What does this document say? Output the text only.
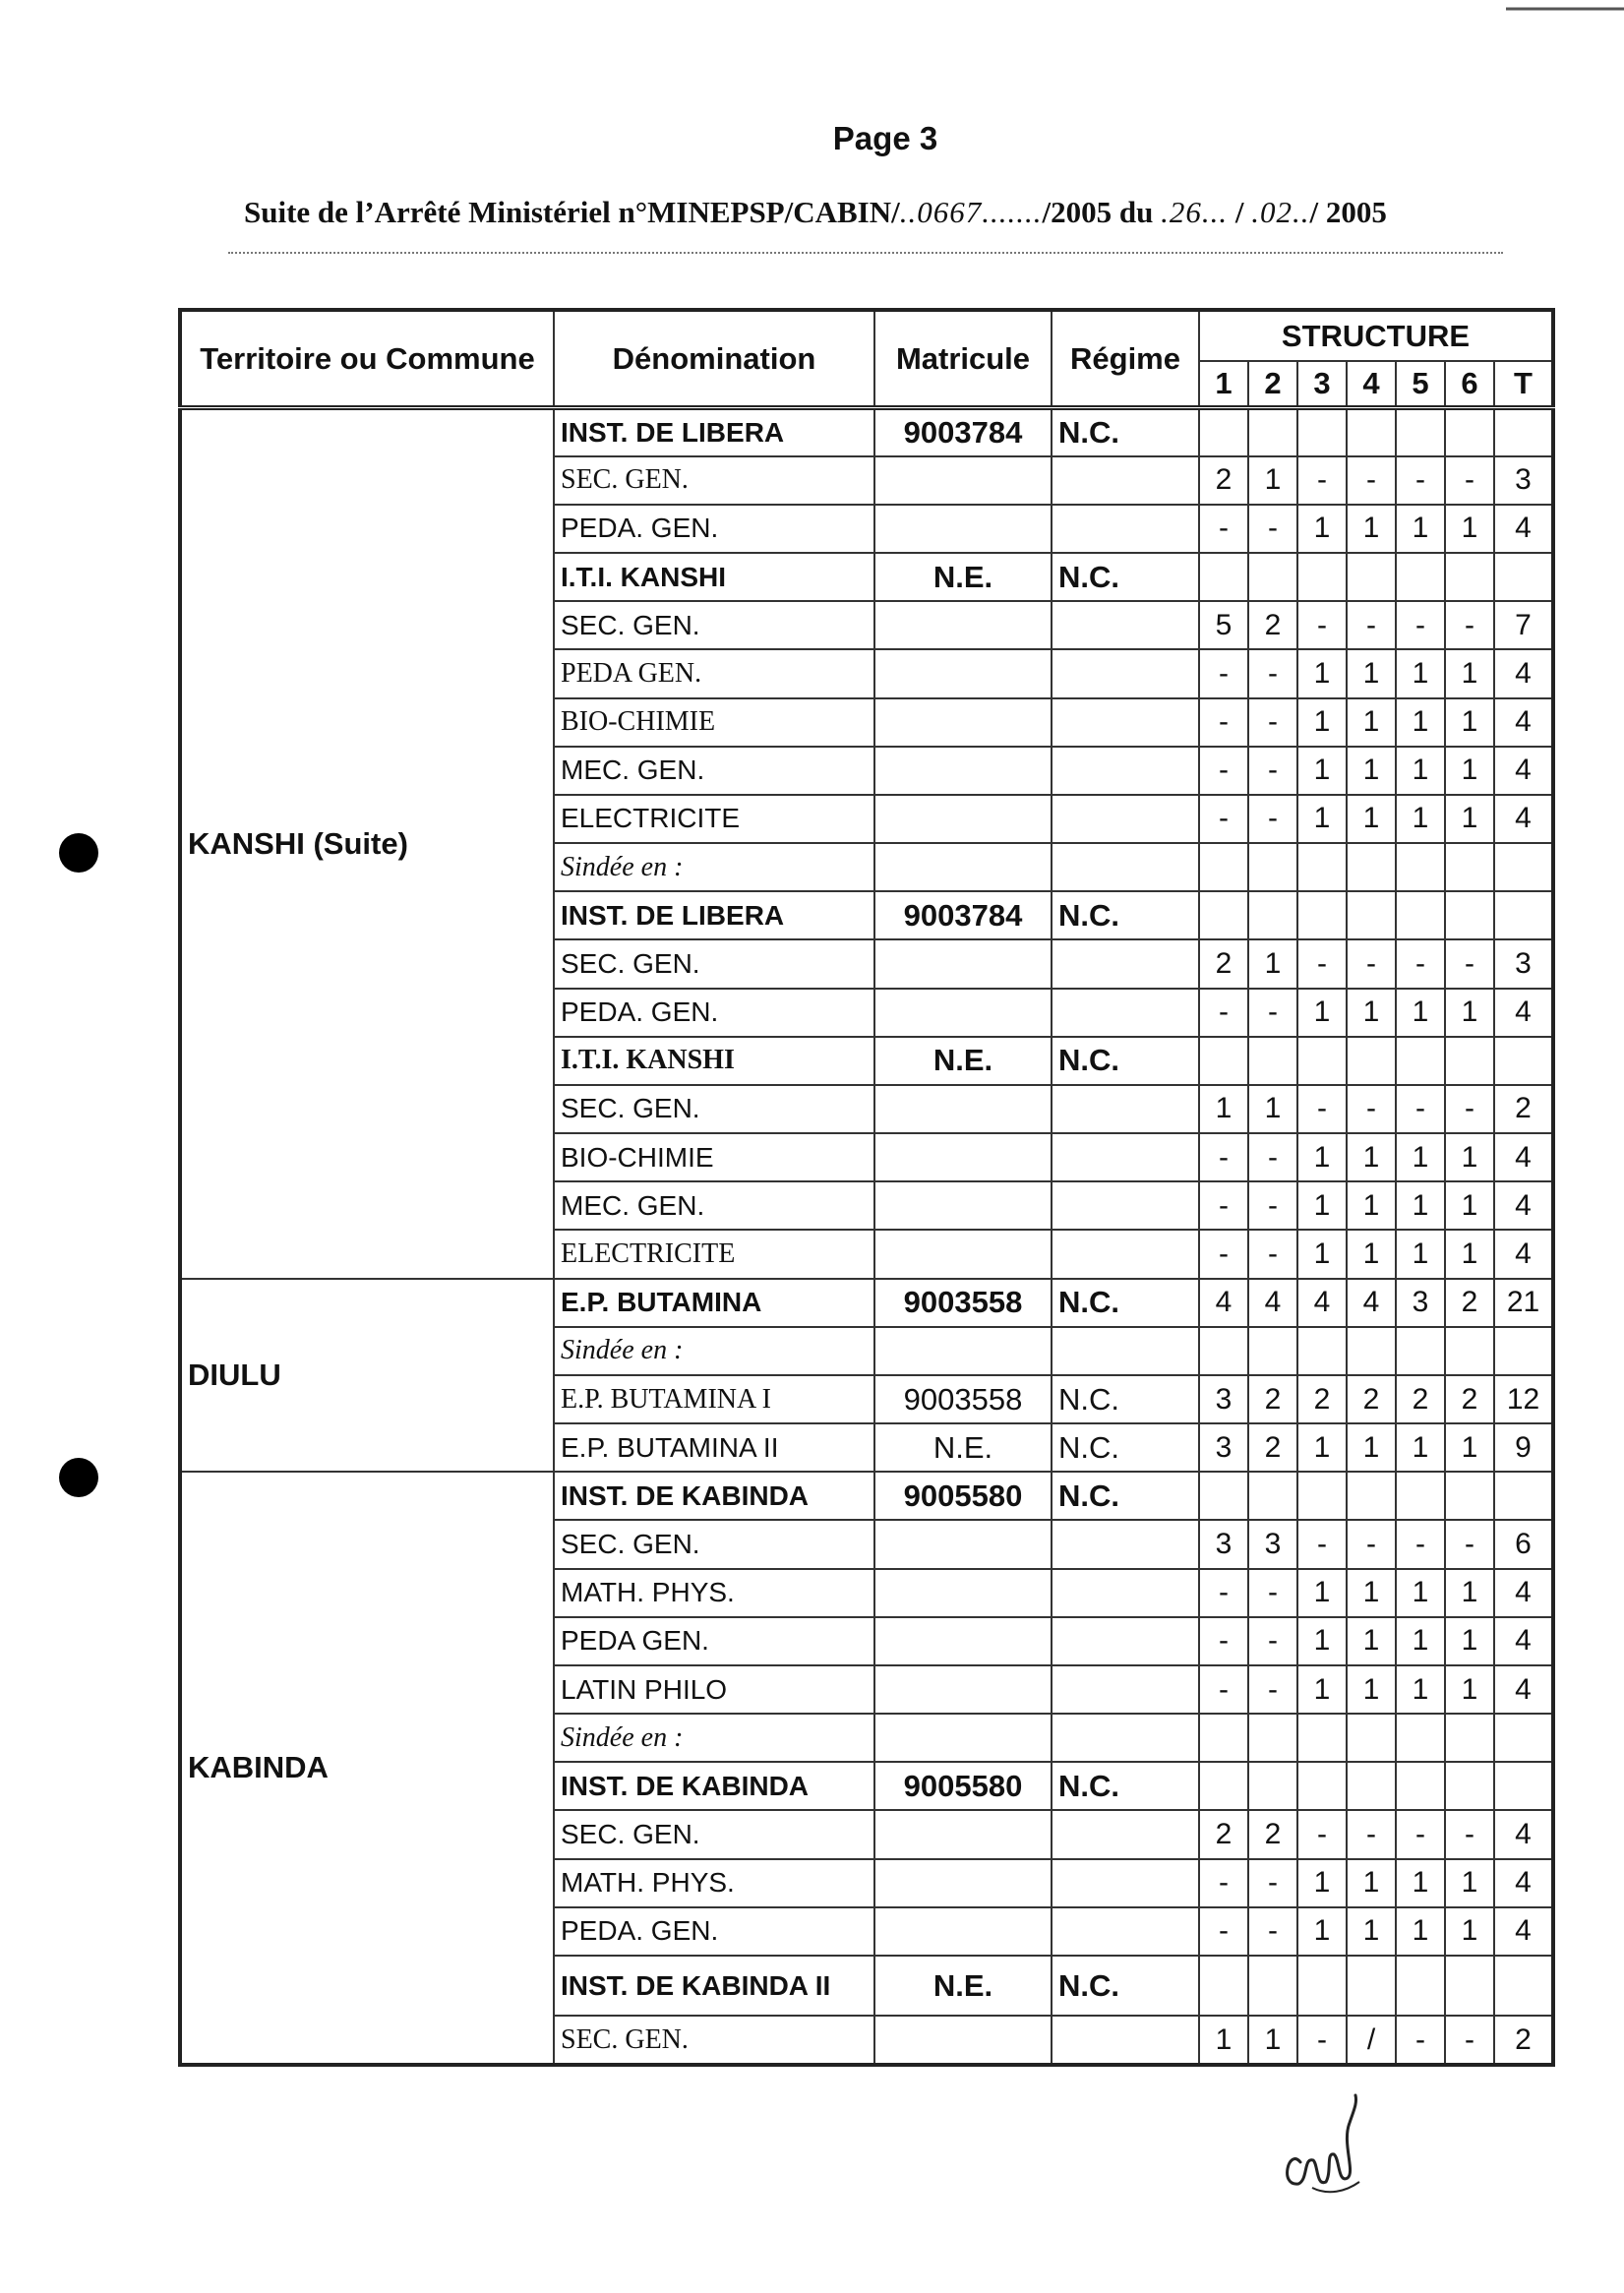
Page 3
Suite de l’Arrêté Ministériel n°MINEPSP/CABIN/..0667......./2005 du .26... / .02../ 2005
Territoire ou Commune	Dénomination	Matricule	Régime	STRUCTURE						
				1	2	3	4	5	6	T
KANSHI (Suite)	INST. DE LIBERA	9003784	N.C.							
	SEC. GEN.			2	1	-	-	-	-	3
	PEDA. GEN.			-	-	1	1	1	1	4
	I.T.I. KANSHI	N.E.	N.C.							
	SEC. GEN.			5	2	-	-	-	-	7
	PEDA GEN.			-	-	1	1	1	1	4
	BIO-CHIMIE			-	-	1	1	1	1	4
	MEC. GEN.			-	-	1	1	1	1	4
	ELECTRICITE			-	-	1	1	1	1	4
	Sindée en :									
	INST. DE LIBERA	9003784	N.C.							
	SEC. GEN.			2	1	-	-	-	-	3
	PEDA. GEN.			-	-	1	1	1	1	4
	I.T.I. KANSHI	N.E.	N.C.							
	SEC. GEN.			1	1	-	-	-	-	2
	BIO-CHIMIE			-	-	1	1	1	1	4
	MEC. GEN.			-	-	1	1	1	1	4
	ELECTRICITE			-	-	1	1	1	1	4
DIULU	E.P. BUTAMINA	9003558	N.C.	4	4	4	4	3	2	21
	Sindée en :									
	E.P. BUTAMINA I	9003558	N.C.	3	2	2	2	2	2	12
	E.P. BUTAMINA II	N.E.	N.C.	3	2	1	1	1	1	9
KABINDA	INST. DE KABINDA	9005580	N.C.							
	SEC. GEN.			3	3	-	-	-	-	6
	MATH. PHYS.			-	-	1	1	1	1	4
	PEDA GEN.			-	-	1	1	1	1	4
	LATIN PHILO			-	-	1	1	1	1	4
	Sindée en :									
	INST. DE KABINDA	9005580	N.C.							
	SEC. GEN.			2	2	-	-	-	-	4
	MATH. PHYS.			-	-	1	1	1	1	4
	PEDA. GEN.			-	-	1	1	1	1	4
	INST. DE KABINDA II	N.E.	N.C.							
	SEC. GEN.			1	1	-	/	-	-	2
